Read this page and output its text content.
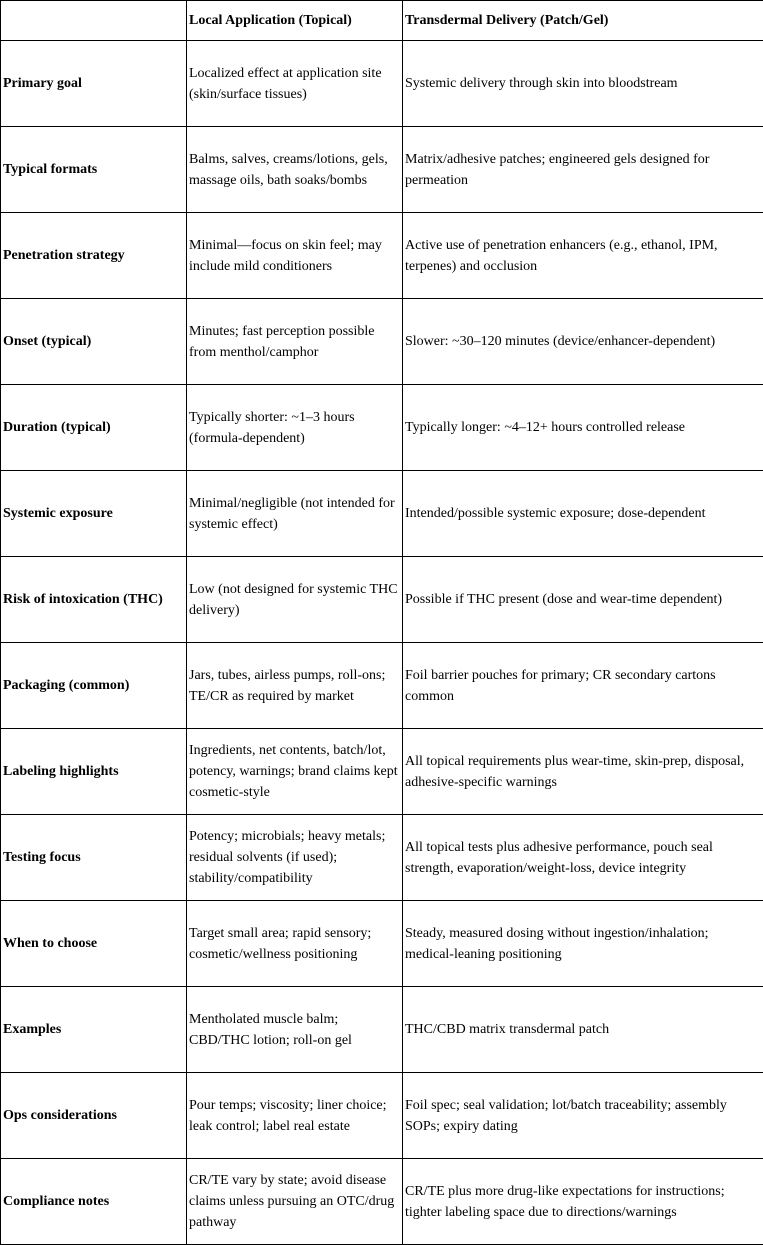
	Local Application (Topical)	Transdermal Delivery (Patch/Gel)
Primary goal	Localized effect at application site (skin/surface tissues)	Systemic delivery through skin into bloodstream
Typical formats	Balms, salves, creams/lotions, gels, massage oils, bath soaks/bombs	Matrix/adhesive patches; engineered gels designed for permeation
Penetration strategy	Minimal—focus on skin feel; may include mild conditioners	Active use of penetration enhancers (e.g., ethanol, IPM, terpenes) and occlusion
Onset (typical)	Minutes; fast perception possible from menthol/camphor	Slower: ~30–120 minutes (device/enhancer-dependent)
Duration (typical)	Typically shorter: ~1–3 hours (formula-dependent)	Typically longer: ~4–12+ hours controlled release
Systemic exposure	Minimal/negligible (not intended for systemic effect)	Intended/possible systemic exposure; dose-dependent
Risk of intoxication (THC)	Low (not designed for systemic THC delivery)	Possible if THC present (dose and wear-time dependent)
Packaging (common)	Jars, tubes, airless pumps, roll-ons; TE/CR as required by market	Foil barrier pouches for primary; CR secondary cartons common
Labeling highlights	Ingredients, net contents, batch/lot, potency, warnings; brand claims kept cosmetic-style	All topical requirements plus wear-time, skin-prep, disposal, adhesive-specific warnings
Testing focus	Potency; microbials; heavy metals; residual solvents (if used); stability/compatibility	All topical tests plus adhesive performance, pouch seal strength, evaporation/weight-loss, device integrity
When to choose	Target small area; rapid sensory; cosmetic/wellness positioning	Steady, measured dosing without ingestion/inhalation; medical-leaning positioning
Examples	Mentholated muscle balm; CBD/THC lotion; roll-on gel	THC/CBD matrix transdermal patch
Ops considerations	Pour temps; viscosity; liner choice; leak control; label real estate	Foil spec; seal validation; lot/batch traceability; assembly SOPs; expiry dating
Compliance notes	CR/TE vary by state; avoid disease claims unless pursuing an OTC/drug pathway	CR/TE plus more drug-like expectations for instructions; tighter labeling space due to directions/warnings
